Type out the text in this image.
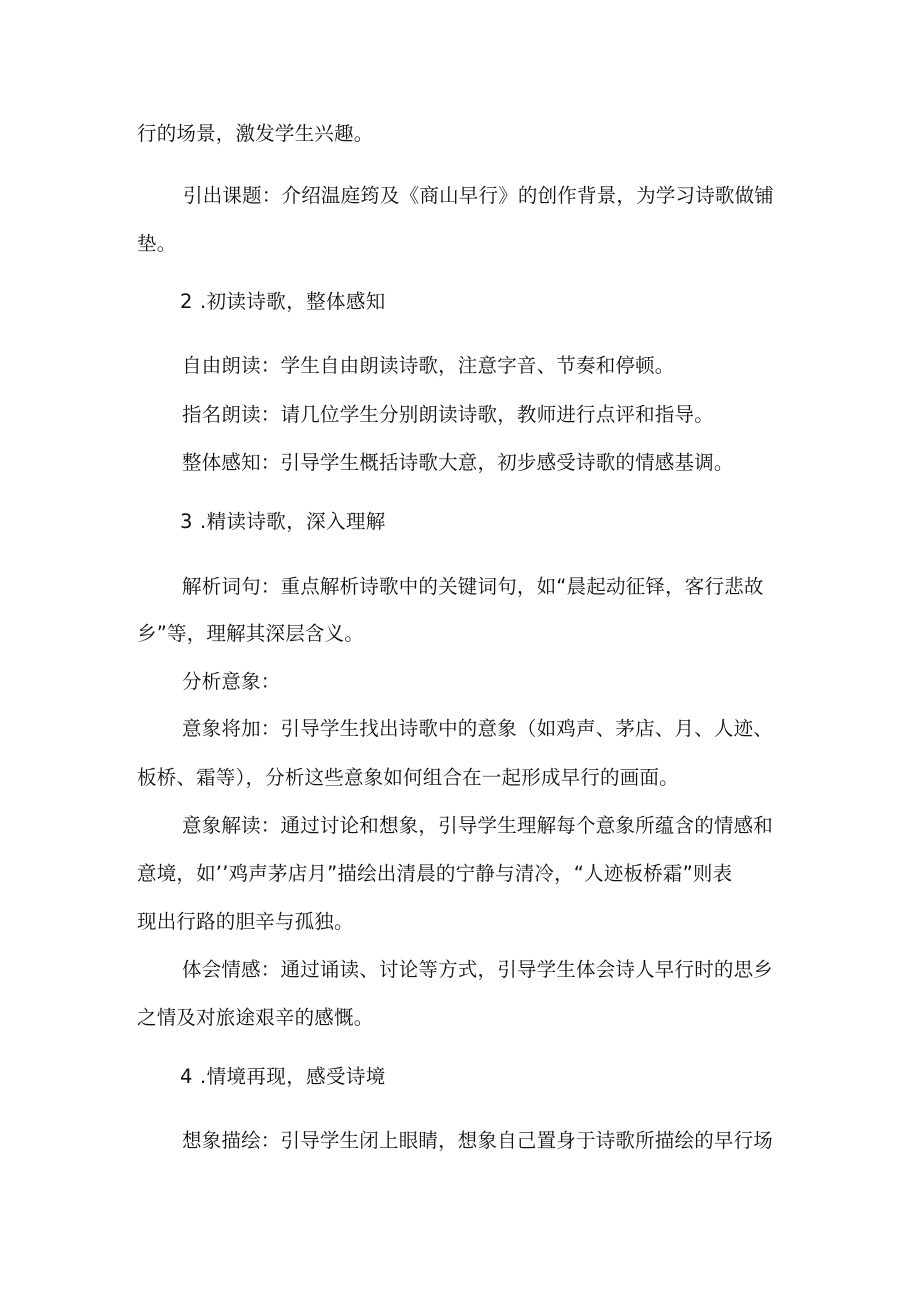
行的场景，激发学生兴趣。
引出课题：介绍温庭筠及《商山早行》的创作背景，为学习诗歌做铺
垫。
2 .初读诗歌，整体感知
自由朗读：学生自由朗读诗歌，注意字音、节奏和停顿。
指名朗读：请几位学生分别朗读诗歌，教师进行点评和指导。
整体感知：引导学生概括诗歌大意，初步感受诗歌的情感基调。
3 .精读诗歌，深入理解
解析词句：重点解析诗歌中的关键词句，如“晨起动征铎，客行悲故
乡”等，理解其深层含义。
分析意象：
意象将加：引导学生找出诗歌中的意象（如鸡声、茅店、月、人迹、
板桥、霜等），分析这些意象如何组合在一起形成早行的画面。
意象解读：通过讨论和想象，引导学生理解每个意象所蕴含的情感和
意境，如’’鸡声茅店月”描绘出清晨的宁静与清冷，“人迹板桥霜”则表
现出行路的胆辛与孤独。
体会情感：通过诵读、讨论等方式，引导学生体会诗人早行时的思乡
之情及对旅途艰辛的感慨。
4 .情境再现，感受诗境
想象描绘：引导学生闭上眼睛，想象自己置身于诗歌所描绘的早行场
